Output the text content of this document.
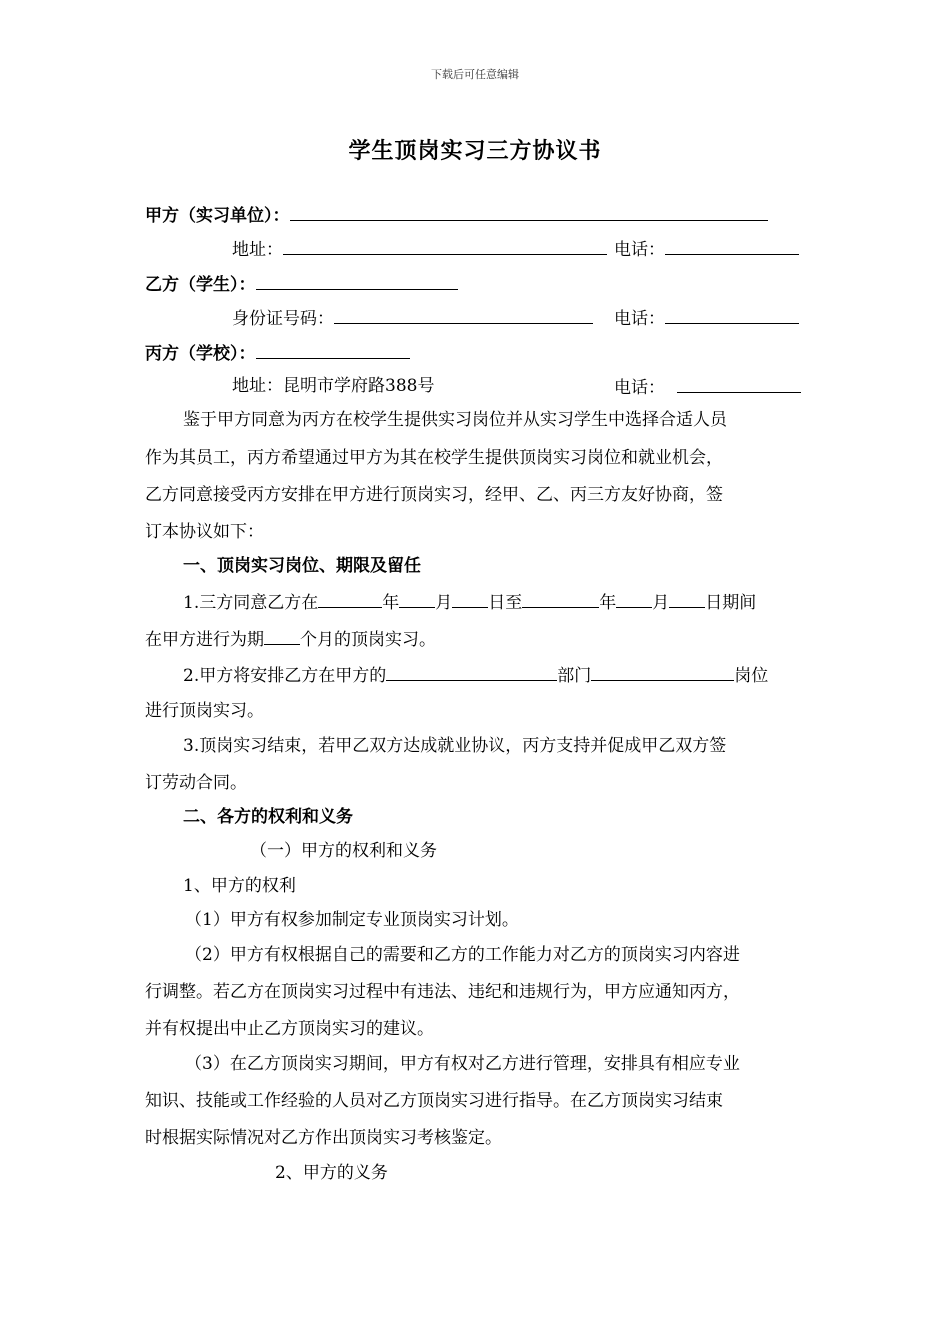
下载后可任意编辑
学生顶岗实习三方协议书
甲方（实习单位）：
地址：	电话：
乙方（学生）：
身份证号码：	电话：
丙方（学校）：
地址：昆明市学府路388号	电话：
鉴于甲方同意为丙方在校学生提供实习岗位并从实习学生中选择合适人员
作为其员工，丙方希望通过甲方为其在校学生提供顶岗实习岗位和就业机会，
乙方同意接受丙方安排在甲方进行顶岗实习，经甲、乙、丙三方友好协商，签
订本协议如下：
一、顶岗实习岗位、期限及留任
1.三方同意乙方在	年 月 日至	年 月 日期间
在甲方进行为期 个月的顶岗实习。
2.甲方将安排乙方在甲方的	部门	岗位
进行顶岗实习。
3.顶岗实习结束，若甲乙双方达成就业协议，丙方支持并促成甲乙双方签
订劳动合同。
二、各方的权利和义务
（一）甲方的权利和义务
1、甲方的权利
（1）甲方有权参加制定专业顶岗实习计划。
（2）甲方有权根据自己的需要和乙方的工作能力对乙方的顶岗实习内容进
行调整。若乙方在顶岗实习过程中有违法、违纪和违规行为，甲方应通知丙方，
并有权提出中止乙方顶岗实习的建议。
（3）在乙方顶岗实习期间，甲方有权对乙方进行管理，安排具有相应专业
知识、技能或工作经验的人员对乙方顶岗实习进行指导。在乙方顶岗实习结束
时根据实际情况对乙方作出顶岗实习考核鉴定。
2、甲方的义务
